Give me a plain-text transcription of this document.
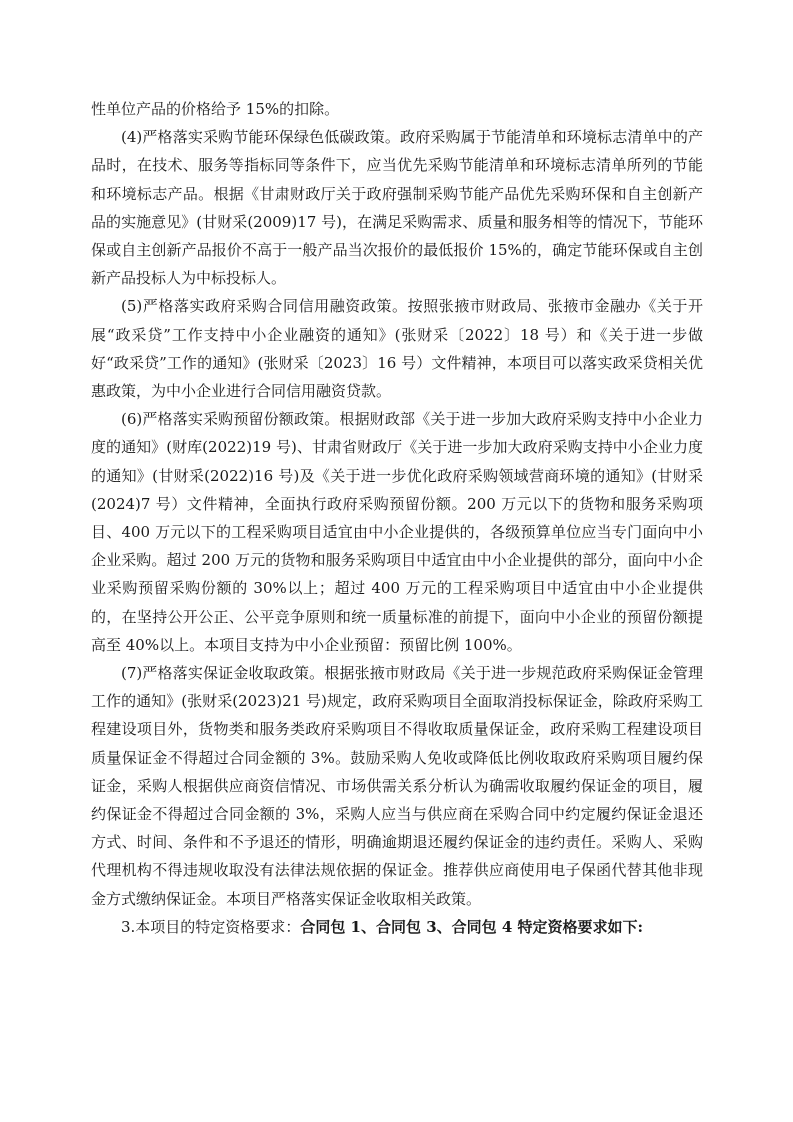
性单位产品的价格给予 15%的扣除。

(4)严格落实采购节能环保绿色低碳政策。政府采购属于节能清单和环境标志清单中的产品时，在技术、服务等指标同等条件下，应当优先采购节能清单和环境标志清单所列的节能和环境标志产品。根据《甘肃财政厅关于政府强制采购节能产品优先采购环保和自主创新产品的实施意见》(甘财采(2009)17 号)，在满足采购需求、质量和服务相等的情况下，节能环保或自主创新产品报价不高于一般产品当次报价的最低报价 15%的，确定节能环保或自主创新产品投标人为中标投标人。

(5)严格落实政府采购合同信用融资政策。按照张掖市财政局、张掖市金融办《关于开展“政采贷”工作支持中小企业融资的通知》(张财采〔2022〕18 号）和《关于进一步做好“政采贷”工作的通知》(张财采〔2023〕16 号）文件精神，本项目可以落实政采贷相关优惠政策，为中小企业进行合同信用融资贷款。

(6)严格落实采购预留份额政策。根据财政部《关于进一步加大政府采购支持中小企业力度的通知》(财库(2022)19 号)、甘肃省财政厅《关于进一步加大政府采购支持中小企业力度的通知》(甘财采(2022)16 号)及《关于进一步优化政府采购领域营商环境的通知》(甘财采(2024)7 号）文件精神，全面执行政府采购预留份额。200 万元以下的货物和服务采购项目、400 万元以下的工程采购项目适宜由中小企业提供的，各级预算单位应当专门面向中小企业采购。超过 200 万元的货物和服务采购项目中适宜由中小企业提供的部分，面向中小企业采购预留采购份额的 30%以上；超过 400 万元的工程采购项目中适宜由中小企业提供的，在坚持公开公正、公平竞争原则和统一质量标准的前提下，面向中小企业的预留份额提高至 40%以上。本项目支持为中小企业预留：预留比例 100%。

(7)严格落实保证金收取政策。根据张掖市财政局《关于进一步规范政府采购保证金管理工作的通知》(张财采(2023)21 号)规定，政府采购项目全面取消投标保证金，除政府采购工程建设项目外，货物类和服务类政府采购项目不得收取质量保证金，政府采购工程建设项目质量保证金不得超过合同金额的 3%。鼓励采购人免收或降低比例收取政府采购项目履约保证金，采购人根据供应商资信情况、市场供需关系分析认为确需收取履约保证金的项目，履约保证金不得超过合同金额的 3%，采购人应当与供应商在采购合同中约定履约保证金退还方式、时间、条件和不予退还的情形，明确逾期退还履约保证金的违约责任。采购人、采购代理机构不得违规收取没有法律法规依据的保证金。推荐供应商使用电子保函代替其他非现金方式缴纳保证金。本项目严格落实保证金收取相关政策。

3.本项目的特定资格要求：合同包 1、合同包 3、合同包 4 特定资格要求如下:
